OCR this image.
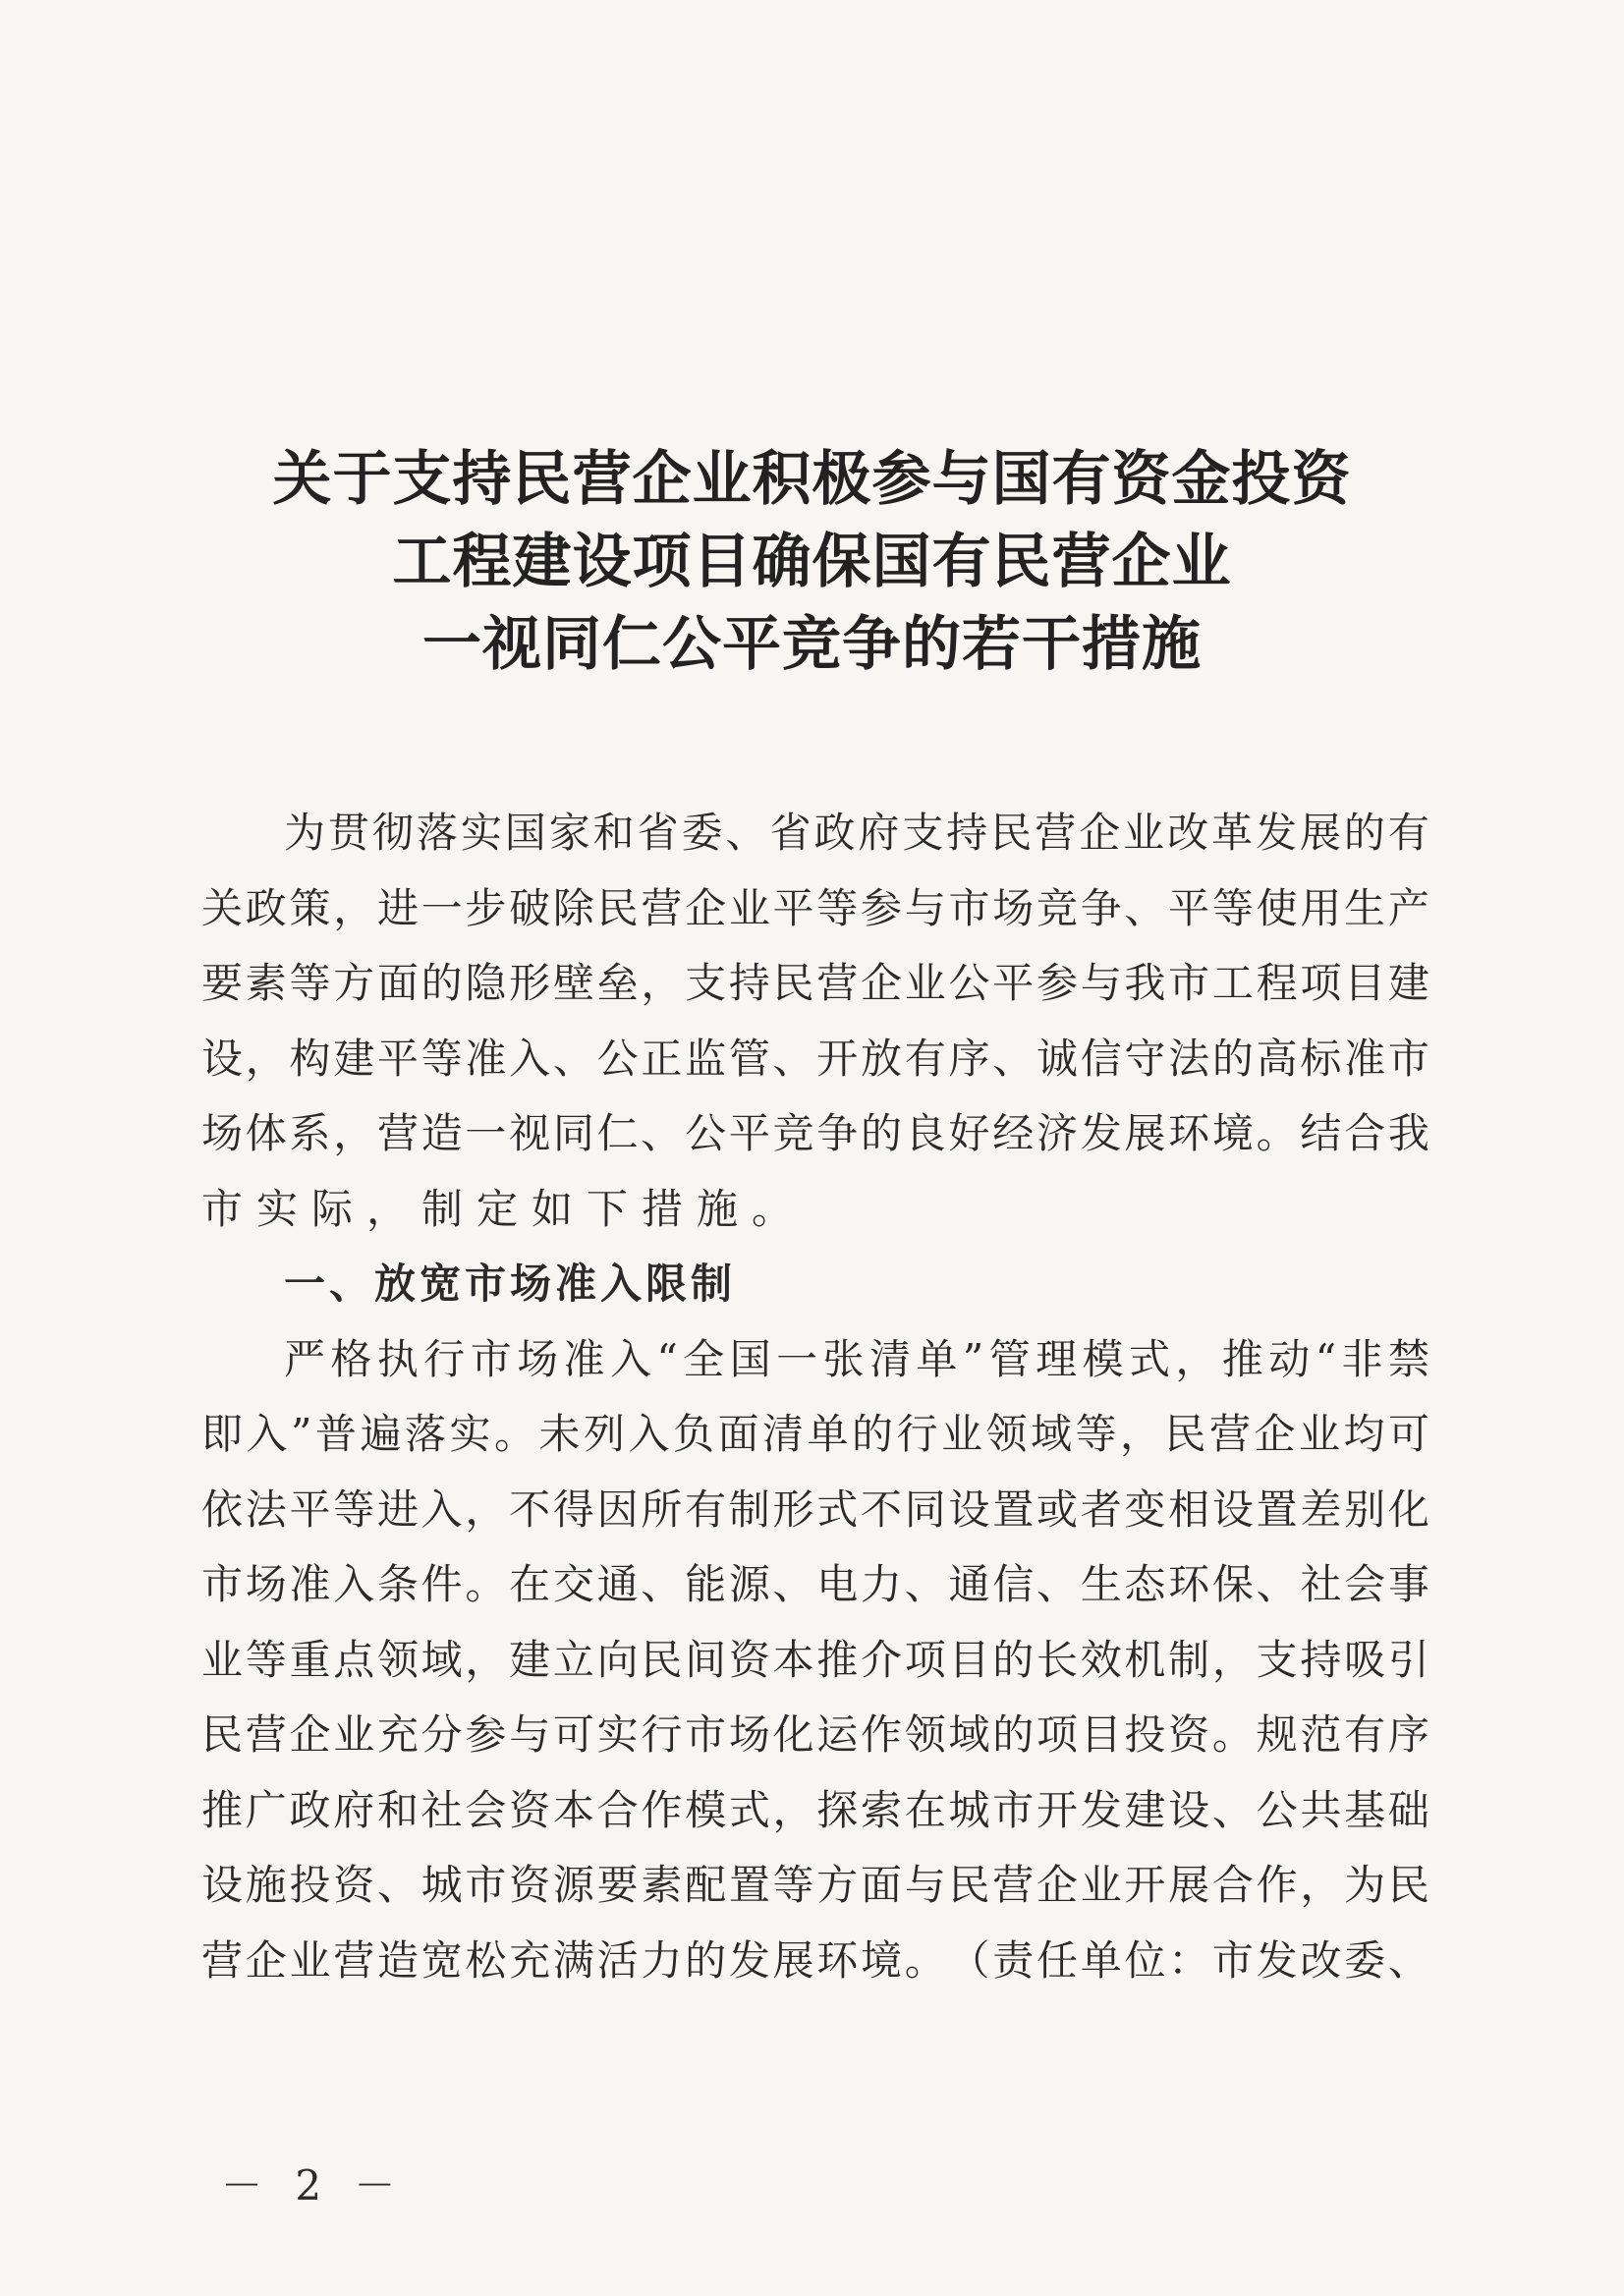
关于支持民营企业积极参与国有资金投资
工程建设项目确保国有民营企业
一视同仁公平竞争的若干措施
为 贯 彻 落 实 国 家 和 省 委 、 省 政 府 支 持 民 营 企 业 改 革 发 展 的 有
关 政 策 ， 进 一 步 破 除 民 营 企 业 平 等 参 与 市 场 竞 争 、 平 等 使 用 生 产
要 素 等 方 面 的 隐 形 壁 垒 ， 支 持 民 营 企 业 公 平 参 与 我 市 工 程 项 目 建
设 ， 构 建 平 等 准 入 、 公 正 监 管 、 开 放 有 序 、 诚 信 守 法 的 高 标 准 市
场 体 系 ， 营 造 一 视 同 仁 、 公 平 竞 争 的 良 好 经 济 发 展 环 境 。 结 合 我
市实际，制定如下措施。
一、放宽市场准入限制
严 格 执 行 市 场 准 入 “ 全 国 一 张 清 单 ” 管 理 模 式 ， 推 动 “ 非 禁
即 入 ” 普 遍 落 实 。 未 列 入 负 面 清 单 的 行 业 领 域 等 ， 民 营 企 业 均 可
依 法 平 等 进 入 ， 不 得 因 所 有 制 形 式 不 同 设 置 或 者 变 相 设 置 差 别 化
市 场 准 入 条 件 。 在 交 通 、 能 源 、 电 力 、 通 信 、 生 态 环 保 、 社 会 事
业 等 重 点 领 域 ， 建 立 向 民 间 资 本 推 介 项 目 的 长 效 机 制 ， 支 持 吸 引
民 营 企 业 充 分 参 与 可 实 行 市 场 化 运 作 领 域 的 项 目 投 资 。 规 范 有 序
推 广 政 府 和 社 会 资 本 合 作 模 式 ， 探 索 在 城 市 开 发 建 设 、 公 共 基 础
设 施 投 资 、 城 市 资 源 要 素 配 置 等 方 面 与 民 营 企 业 开 展 合 作 ， 为 民
营 企 业 营 造 宽 松 充 满 活 力 的 发 展 环 境 。 （ 责 任 单 位 ： 市 发 改 委 、
－ 2 －
